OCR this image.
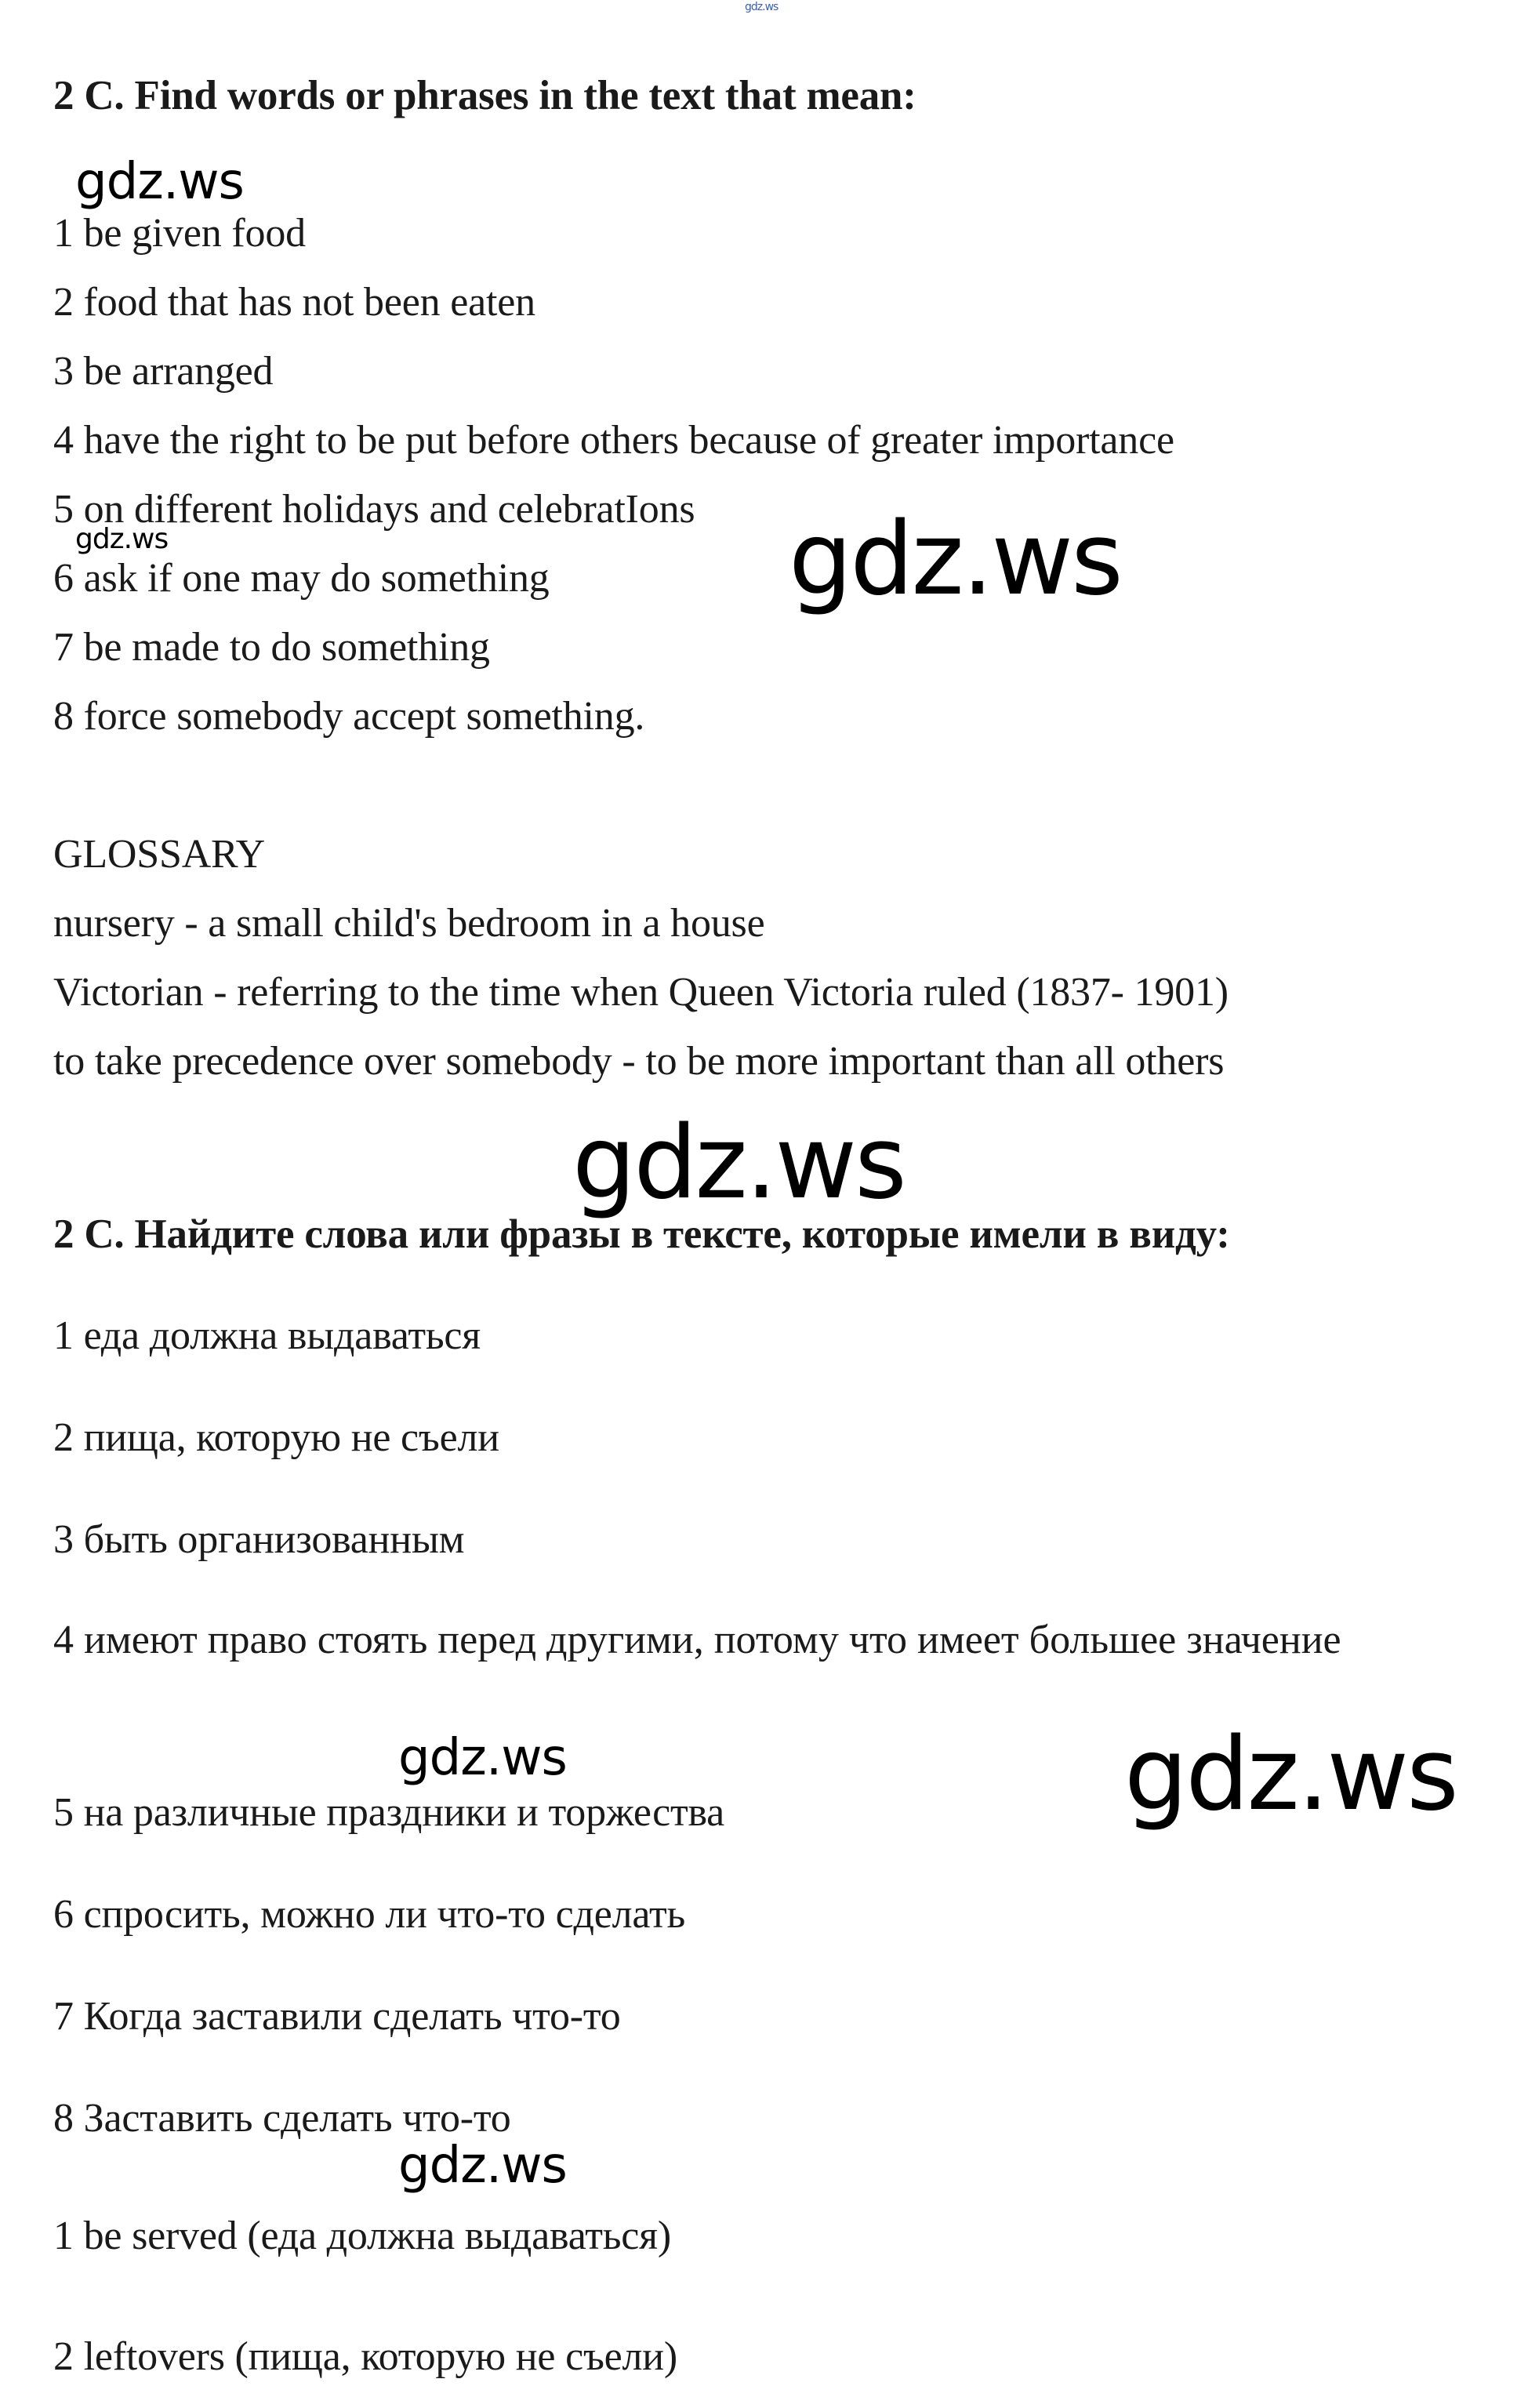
gdz.ws
2 C. Find words or phrases in the text that mean:
gdz.ws
1 be given food
2 food that has not been eaten
3 be arranged
4 have the right to be put before others because of greater importance
5 on different holidays and celebratIons
gdz.ws	gdz.ws
6 ask if one may do something
7 be made to do something
8 force somebody accept something.
GLOSSARY
nursery - a small child's bedroom in a house
Victorian - referring to the time when Queen Victoria ruled (1837- 1901)
to take precedence over somebody - to be more important than all others
gdz.ws
2 С. Найдите слова или фразы в тексте, которые имели в виду:
1 еда должна выдаваться
2 пища, которую не съели
3 быть организованным
4 имеют право стоять перед другими, потому что имеет большее значение
gdz.ws	gdz.ws
5 на различные праздники и торжества
6 спросить, можно ли что-то сделать
7 Когда заставили сделать что-то
8 Заставить сделать что-то
gdz.ws
1 be served (еда должна выдаваться)
2 leftovers (пища, которую не съели)
